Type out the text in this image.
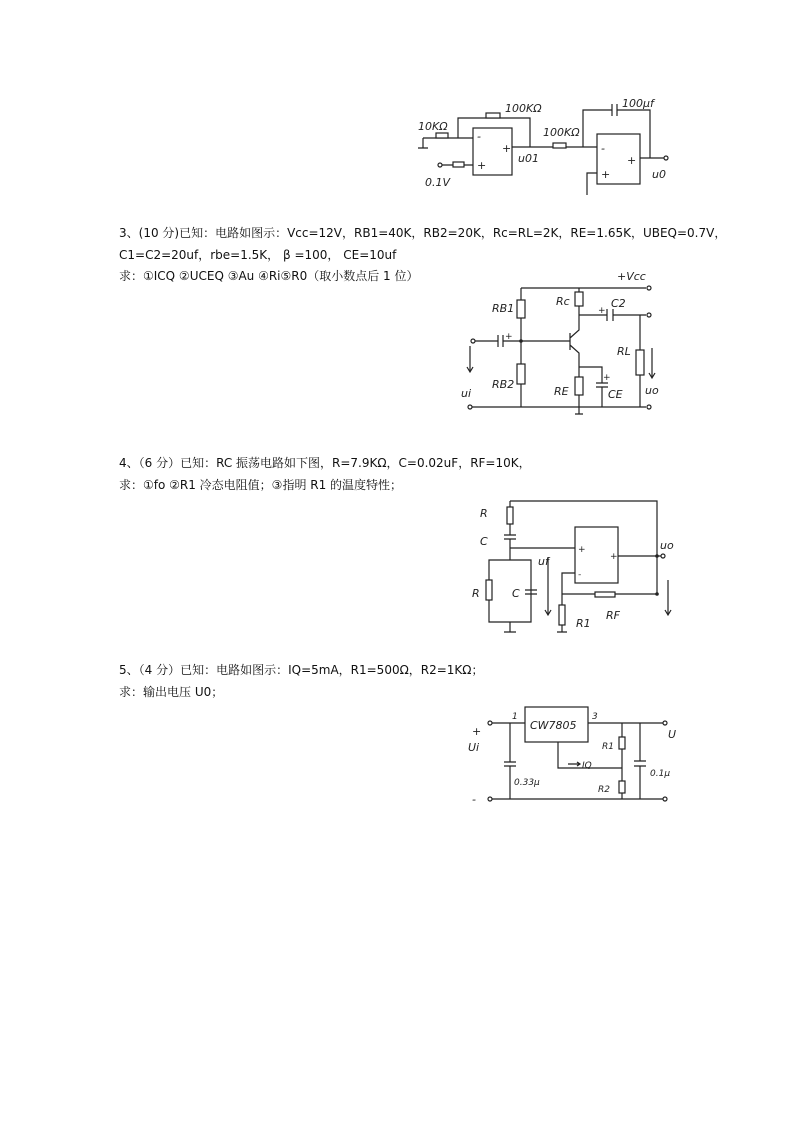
3、(10 分)已知：电路如图示：Vcc=12V，RB1=40K，RB2=20K，Rc=RL=2K，RE=1.65K，UBEQ=0.7V，
C1=C2=20uf，rbe=1.5K， β =100， CE=10uf
求：①ICQ ②UCEQ ③Au ④Ri⑤R0（取小数点后 1 位）
4、（6 分）已知：RC 振荡电路如下图，R=7.9KΩ，C=0.02uF，RF=10K，
求：①fo ②R1 冷态电阻值；③指明 R1 的温度特性；
5、（4 分）已知：电路如图示：IQ=5mA，R1=500Ω，R2=1KΩ；
求：输出电压 U0；
10KΩ
100KΩ
100KΩ
100μf
0.1V
u01
u0
-
+
+	-
+
+
+Vcc
RB1
RB2
Rc
RE
C2
CE
RL
ui	uo
+
+
+
R
C
R	C
uf
uo
R1
RF
+
-
+
CW7805
1	3
+
-
Ui
0.33μ
0.1μ
R1
R2
IQ
U
